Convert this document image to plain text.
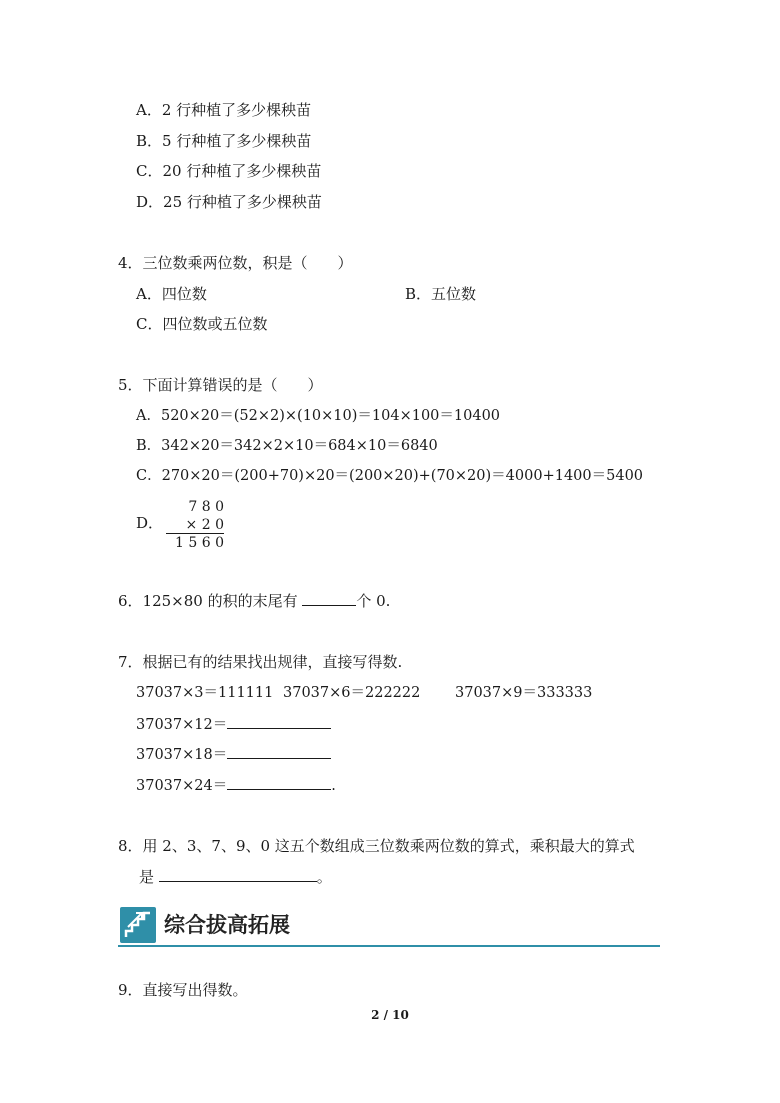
A．2 行种植了多少棵秧苗
B．5 行种植了多少棵秧苗
C．20 行种植了多少棵秧苗
D．25 行种植了多少棵秧苗
4．三位数乘两位数，积是（　　）
A．四位数	B．五位数
C．四位数或五位数
5．下面计算错误的是（　　）
A．520×20＝(52×2)×(10×10)＝104×100＝10400
B．342×20＝342×2×10＝684×10＝6840
C．270×20＝(200+70)×20＝(200×20)+(70×20)＝4000+1400＝5400
D．
7 8 0
× 2 0
1 5 6 0
6．125×80 的积的末尾有	个 0.
7．根据已有的结果找出规律，直接写得数.
37037×3＝111111 37037×6＝222222 37037×9＝333333
37037×12＝
37037×18＝
37037×24＝	.
8．用 2、3、7、9、0 这五个数组成三位数乘两位数的算式，乘积最大的算式
是	。
综合拔高拓展
9．直接写出得数。
2 / 10
